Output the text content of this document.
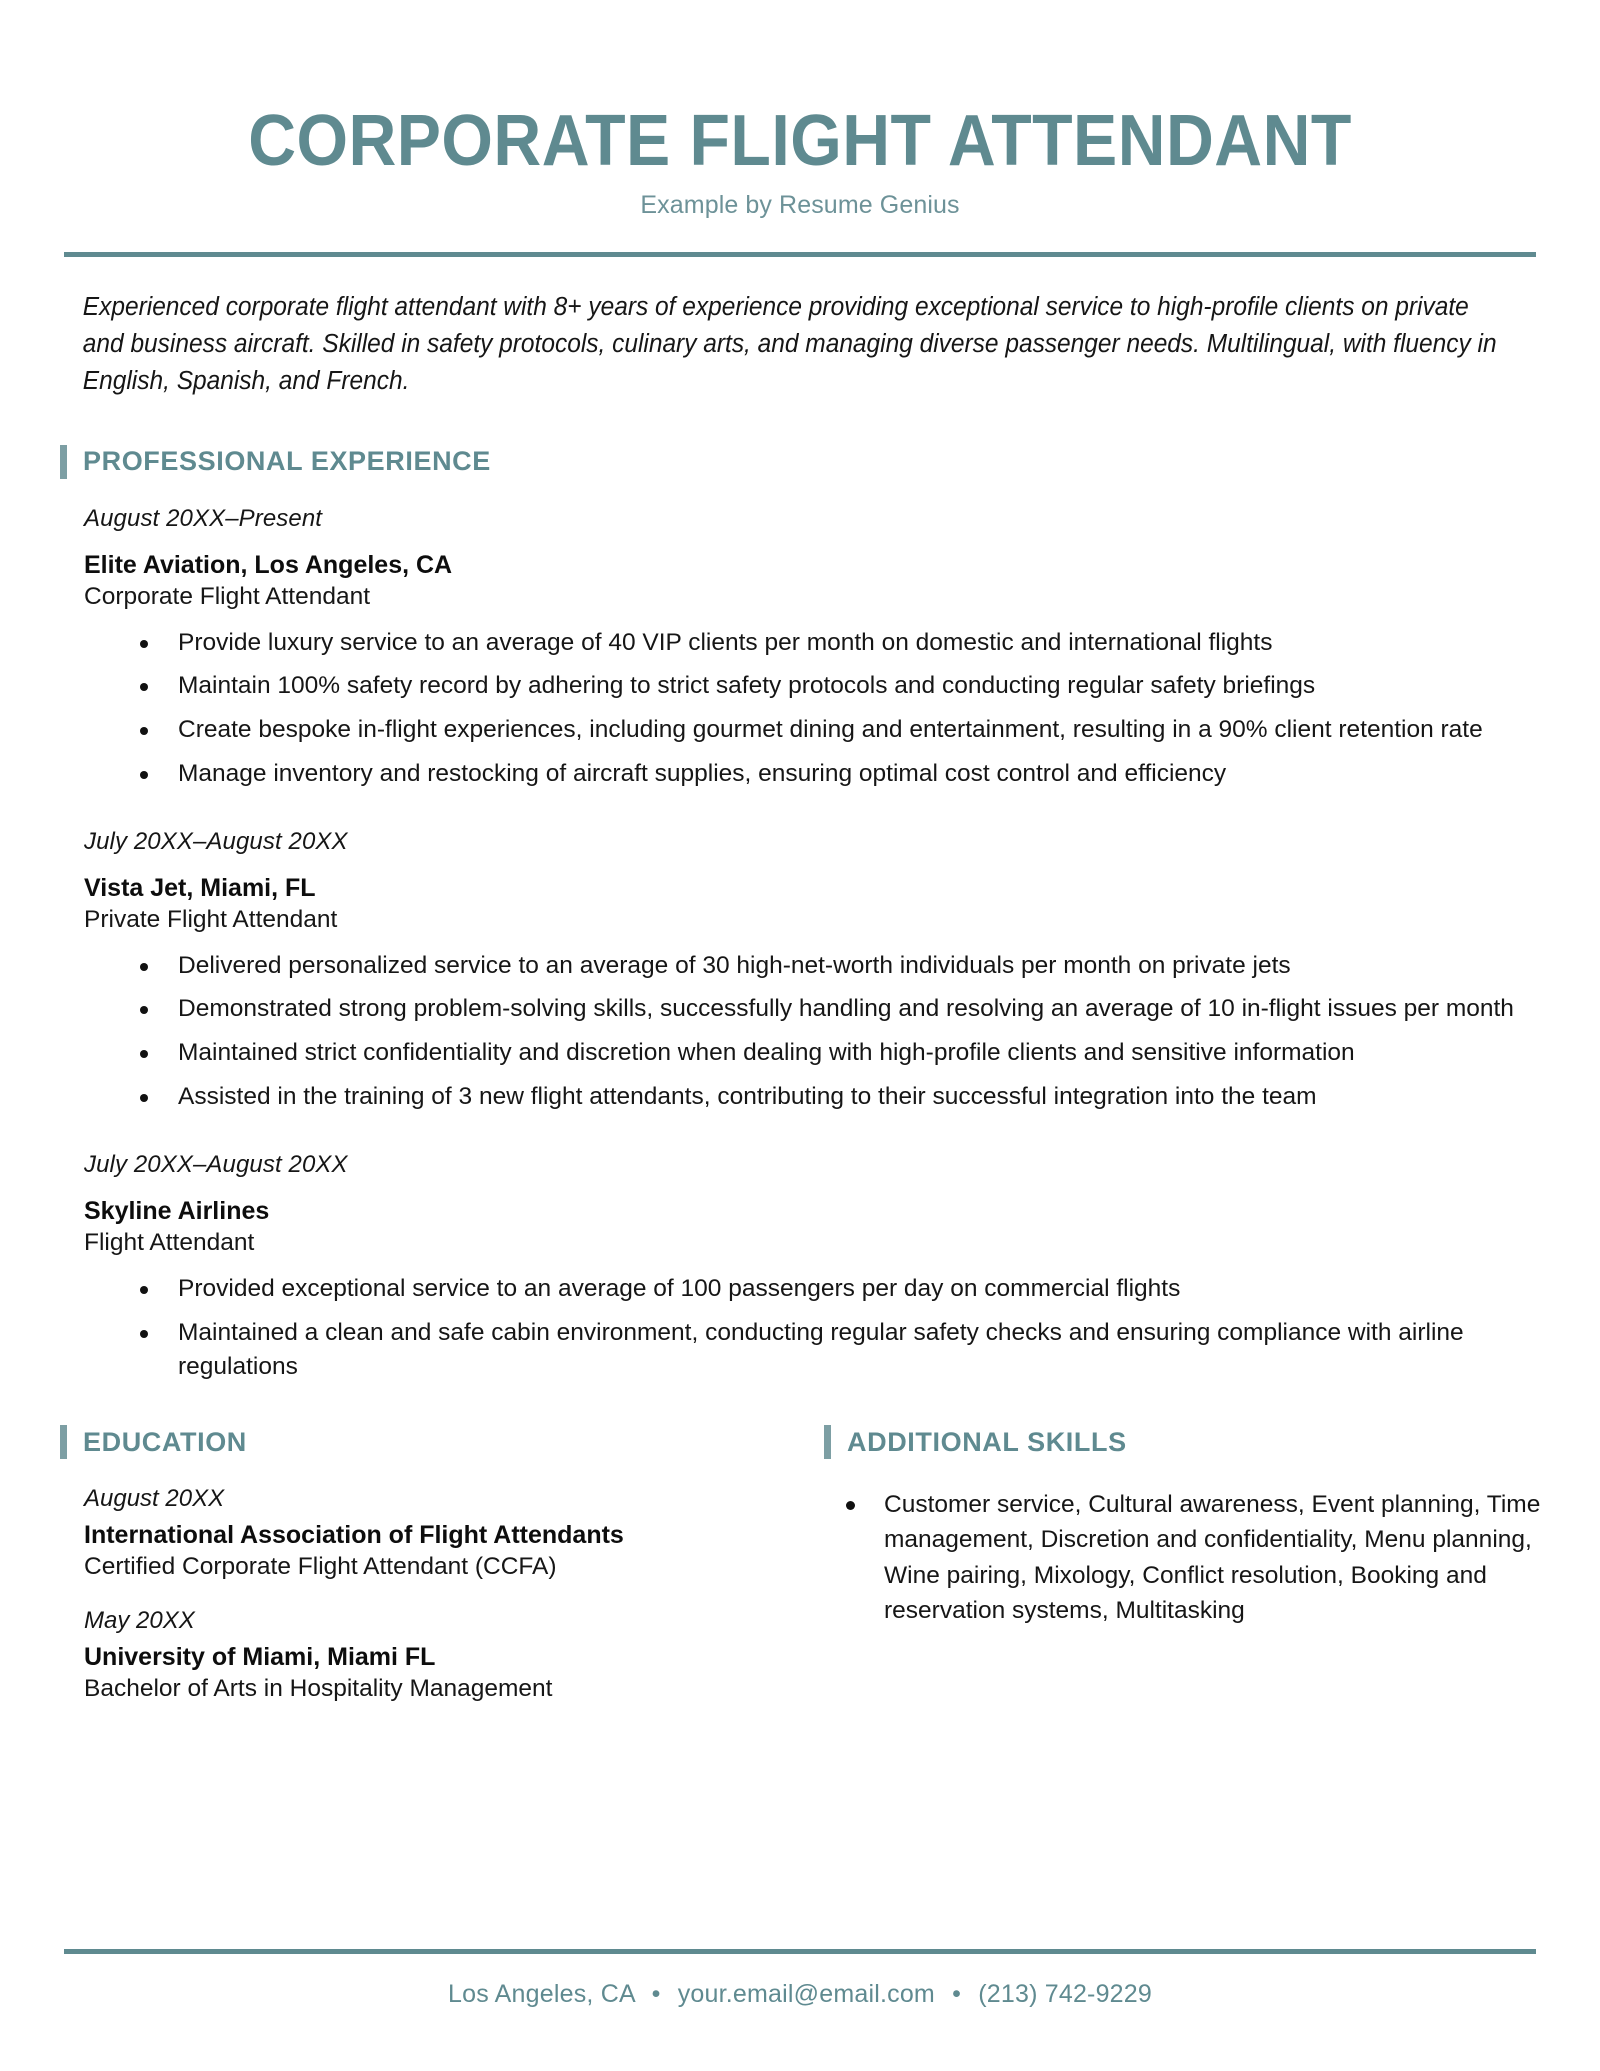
CORPORATE FLIGHT ATTENDANT
Example by Resume Genius
Experienced corporate flight attendant with 8+ years of experience providing exceptional service to high-profile clients on private and business aircraft. Skilled in safety protocols, culinary arts, and managing diverse passenger needs. Multilingual, with fluency in English, Spanish, and French.
PROFESSIONAL EXPERIENCE
August 20XX–Present
Elite Aviation, Los Angeles, CA
Corporate Flight Attendant
Provide luxury service to an average of 40 VIP clients per month on domestic and international flights
Maintain 100% safety record by adhering to strict safety protocols and conducting regular safety briefings
Create bespoke in-flight experiences, including gourmet dining and entertainment, resulting in a 90% client retention rate
Manage inventory and restocking of aircraft supplies, ensuring optimal cost control and efficiency
July 20XX–August 20XX
Vista Jet, Miami, FL
Private Flight Attendant
Delivered personalized service to an average of 30 high-net-worth individuals per month on private jets
Demonstrated strong problem-solving skills, successfully handling and resolving an average of 10 in-flight issues per month
Maintained strict confidentiality and discretion when dealing with high-profile clients and sensitive information
Assisted in the training of 3 new flight attendants, contributing to their successful integration into the team
July 20XX–August 20XX
Skyline Airlines
Flight Attendant
Provided exceptional service to an average of 100 passengers per day on commercial flights
Maintained a clean and safe cabin environment, conducting regular safety checks and ensuring compliance with airline regulations
EDUCATION
August 20XX
International Association of Flight Attendants
Certified Corporate Flight Attendant (CCFA)
May 20XX
University of Miami, Miami FL
Bachelor of Arts in Hospitality Management
ADDITIONAL SKILLS
Customer service, Cultural awareness, Event planning, Time management, Discretion and confidentiality, Menu planning, Wine pairing, Mixology, Conflict resolution, Booking and reservation systems, Multitasking
Los Angeles, CA • your.email@email.com • (213) 742-9229
